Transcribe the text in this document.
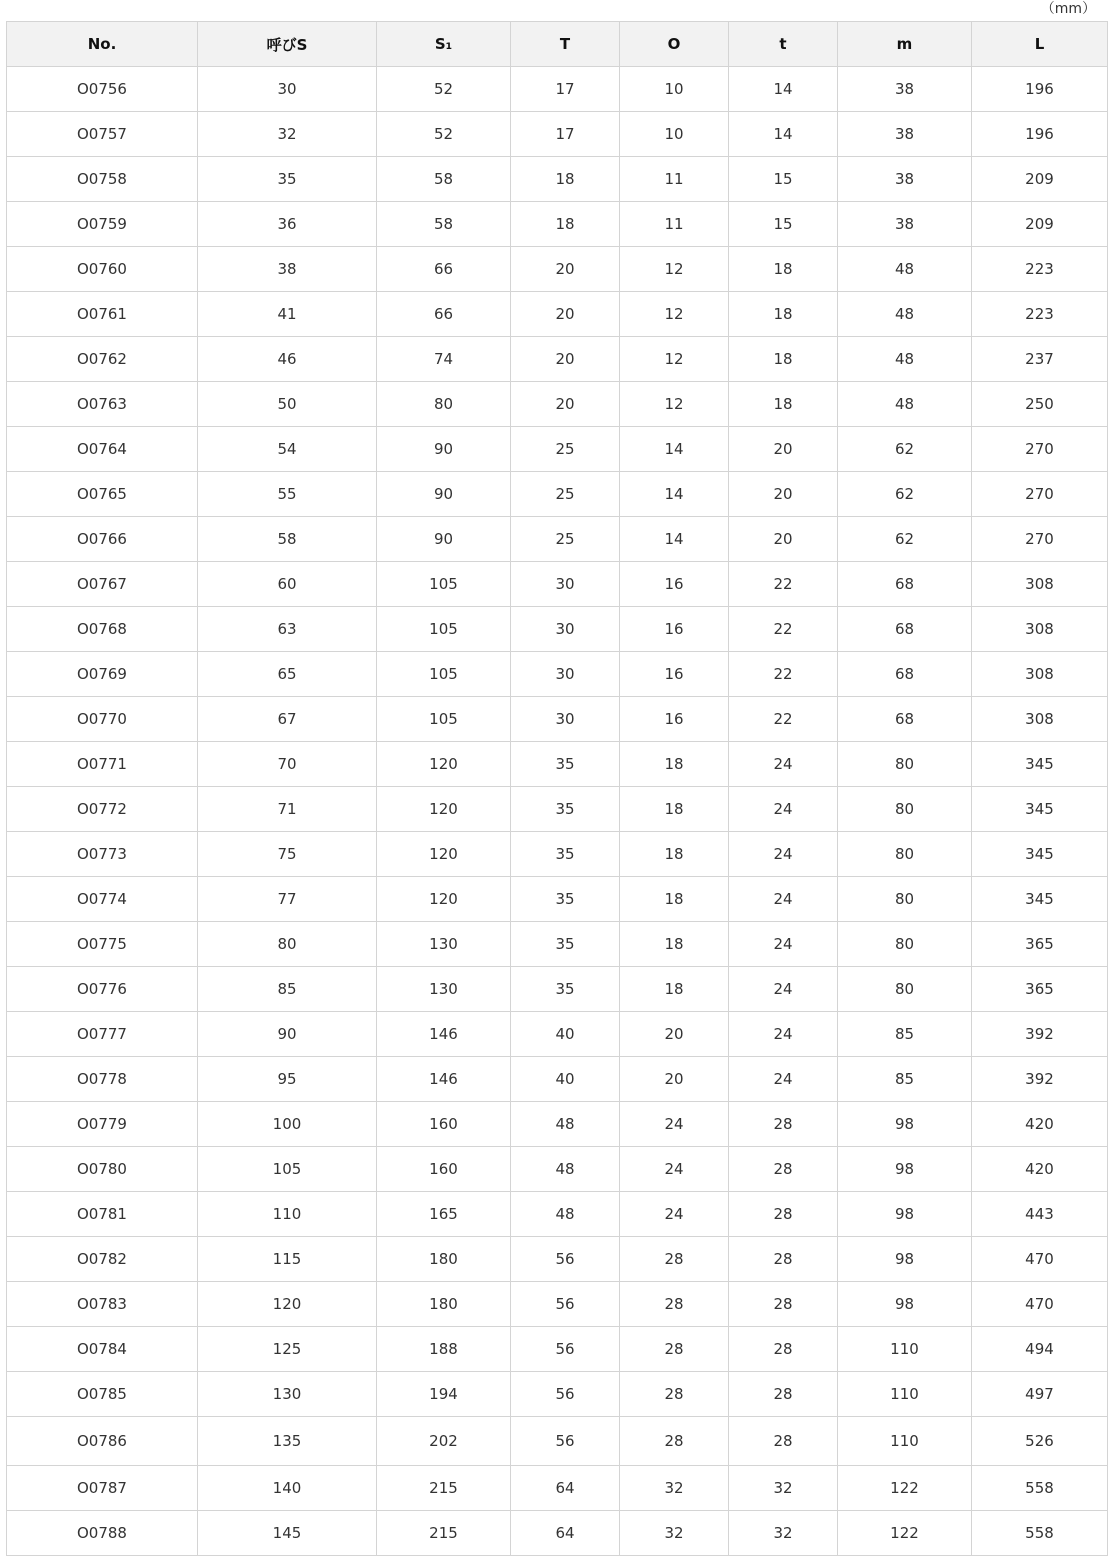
（mm）
No.	呼びS	S₁	T	O	t	m	L
O0756	30	52	17	10	14	38	196
O0757	32	52	17	10	14	38	196
O0758	35	58	18	11	15	38	209
O0759	36	58	18	11	15	38	209
O0760	38	66	20	12	18	48	223
O0761	41	66	20	12	18	48	223
O0762	46	74	20	12	18	48	237
O0763	50	80	20	12	18	48	250
O0764	54	90	25	14	20	62	270
O0765	55	90	25	14	20	62	270
O0766	58	90	25	14	20	62	270
O0767	60	105	30	16	22	68	308
O0768	63	105	30	16	22	68	308
O0769	65	105	30	16	22	68	308
O0770	67	105	30	16	22	68	308
O0771	70	120	35	18	24	80	345
O0772	71	120	35	18	24	80	345
O0773	75	120	35	18	24	80	345
O0774	77	120	35	18	24	80	345
O0775	80	130	35	18	24	80	365
O0776	85	130	35	18	24	80	365
O0777	90	146	40	20	24	85	392
O0778	95	146	40	20	24	85	392
O0779	100	160	48	24	28	98	420
O0780	105	160	48	24	28	98	420
O0781	110	165	48	24	28	98	443
O0782	115	180	56	28	28	98	470
O0783	120	180	56	28	28	98	470
O0784	125	188	56	28	28	110	494
O0785	130	194	56	28	28	110	497
O0786	135	202	56	28	28	110	526
O0787	140	215	64	32	32	122	558
O0788	145	215	64	32	32	122	558
